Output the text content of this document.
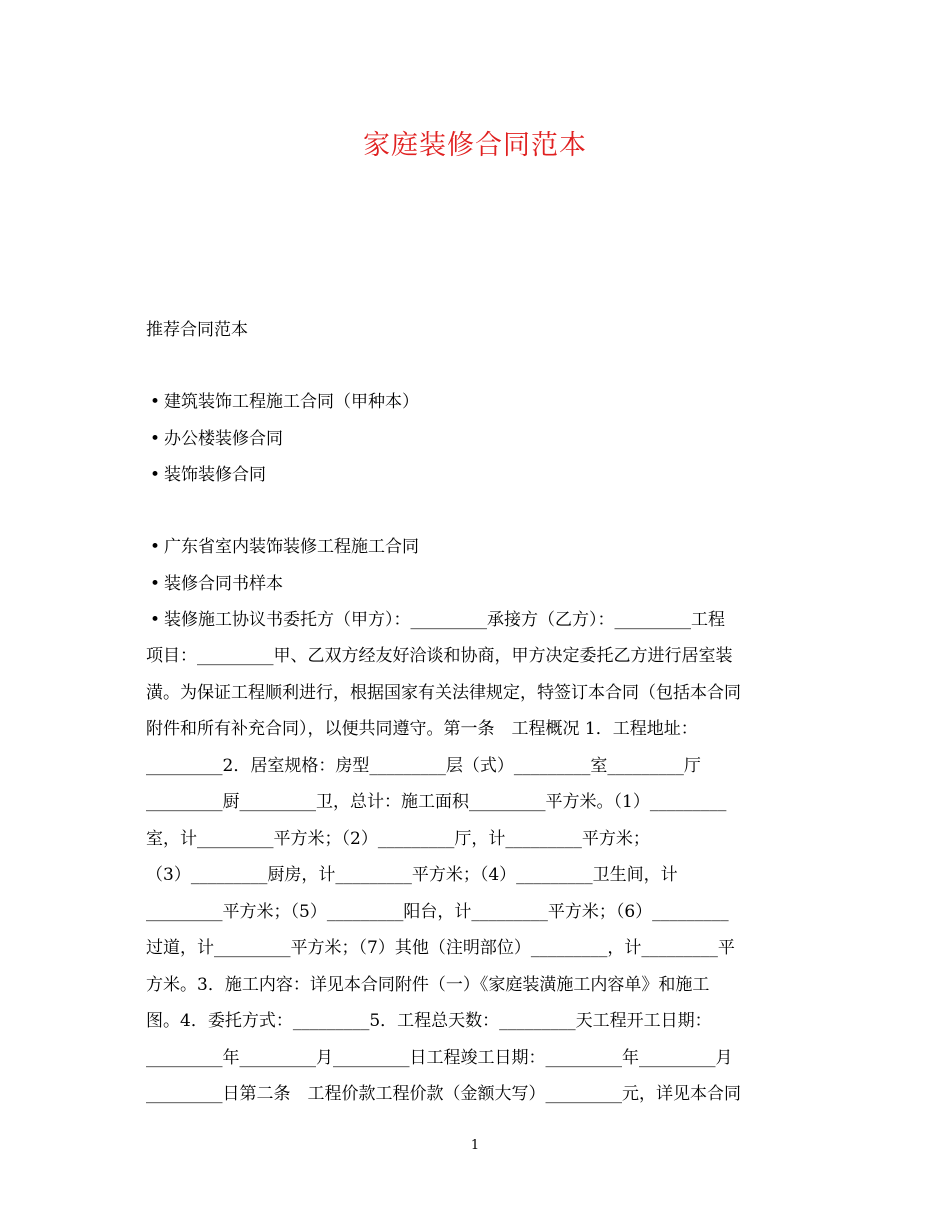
家庭装修合同范本
推荐合同范本
• 建筑装饰工程施工合同（甲种本）
• 办公楼装修合同
• 装饰装修合同
• 广东省室内装饰装修工程施工合同
• 装修合同书样本
• 装修施工协议书委托方（甲方）：_________承接方（乙方）：_________工程
项目：_________甲、乙双方经友好洽谈和协商，甲方决定委托乙方进行居室装
潢。为保证工程顺利进行，根据国家有关法律规定，特签订本合同（包括本合同
附件和所有补充合同），以便共同遵守。第一条　工程概况 1．工程地址：
_________2．居室规格：房型_________层（式）_________室_________厅
_________厨_________卫，总计：施工面积_________平方米。（1）_________
室，计_________平方米；（2）_________厅，计_________平方米；
（3）_________厨房，计_________平方米；（4）_________卫生间，计
_________平方米；（5）_________阳台，计_________平方米；（6）_________
过道，计_________平方米；（7）其他（注明部位）_________，计_________平
方米。3．施工内容：详见本合同附件（一）《家庭装潢施工内容单》和施工
图。4．委托方式：_________5．工程总天数：_________天工程开工日期：
_________年_________月_________日工程竣工日期：_________年_________月
_________日第二条　工程价款工程价款（金额大写）_________元，详见本合同
1
